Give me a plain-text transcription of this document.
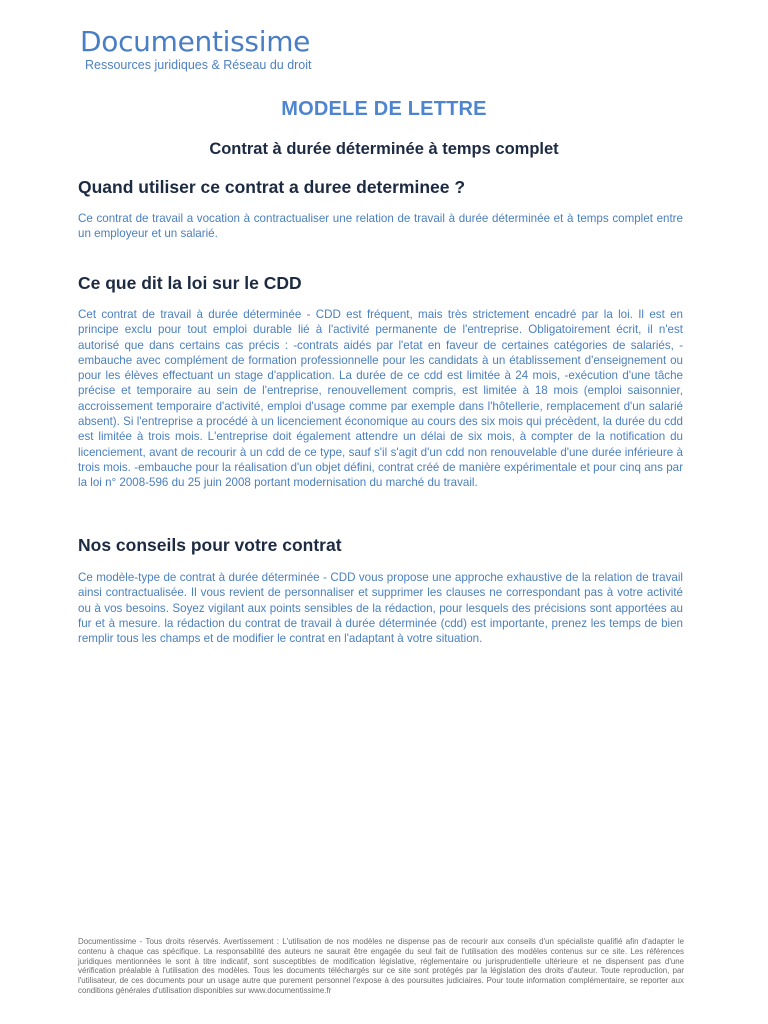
Documentissime
Ressources juridiques & Réseau du droit
MODELE DE LETTRE
Contrat à durée déterminée à temps complet
Quand utiliser ce contrat a duree determinee ?

Ce contrat de travail a vocation à contractualiser une relation de travail à durée déterminée et à temps complet entre un employeur et un salarié.

Ce que dit la loi sur le CDD

Cet contrat de travail à durée déterminée - CDD est fréquent, mais très strictement encadré par la loi. Il est en principe exclu pour tout emploi durable lié à l'activité permanente de l'entreprise. Obligatoirement écrit, il n'est autorisé que dans certains cas précis : -contrats aidés par l'etat en faveur de certaines catégories de salariés, -embauche avec complément de formation professionnelle pour les candidats à un établissement d'enseignement ou pour les élèves effectuant un stage d'application. La durée de ce cdd est limitée à 24 mois, -exécution d'une tâche précise et temporaire au sein de l'entreprise, renouvellement compris, est limitée à 18 mois (emploi saisonnier, accroissement temporaire d'activité, emploi d'usage comme par exemple dans l'hôtellerie, remplacement d'un salarié absent). Si l'entreprise a procédé à un licenciement économique au cours des six mois qui précèdent, la durée du cdd est limitée à trois mois. L'entreprise doit également attendre un délai de six mois, à compter de la notification du licenciement, avant de recourir à un cdd de ce type, sauf s'il s'agit d'un cdd non renouvelable d'une durée inférieure à trois mois. -embauche pour la réalisation d'un objet défini, contrat créé de manière expérimentale et pour cinq ans par la loi n° 2008-596 du 25 juin 2008 portant modernisation du marché du travail.

Nos conseils pour votre contrat

Ce modèle-type de contrat à durée déterminée - CDD vous propose une approche exhaustive de la relation de travail ainsi contractualisée. Il vous revient de personnaliser et supprimer les clauses ne correspondant pas à votre activité ou à vos besoins. Soyez vigilant aux points sensibles de la rédaction, pour lesquels des précisions sont apportées au fur et à mesure. la rédaction du contrat de travail à durée déterminée (cdd) est importante, prenez les temps de bien remplir tous les champs et de modifier le contrat en l'adaptant à votre situation.

Documentissime - Tous droits réservés. Avertissement : L'utilisation de nos modèles ne dispense pas de recourir aux conseils d'un spécialiste qualifié afin d'adapter le contenu à chaque cas spécifique. La responsabilité des auteurs ne saurait être engagée du seul fait de l'utilisation des modèles contenus sur ce site. Les références juridiques mentionnées le sont à titre indicatif, sont susceptibles de modification législative, réglementaire ou jurisprudentielle ultérieure et ne dispensent pas d'une vérification préalable à l'utilisation des modèles. Tous les documents téléchargés sur ce site sont protégés par la législation des droits d'auteur. Toute reproduction, par l'utilisateur, de ces documents pour un usage autre que purement personnel l'expose à des poursuites judiciaires. Pour toute information complémentaire, se reporter aux conditions générales d'utilisation disponibles sur www.documentissime.fr
